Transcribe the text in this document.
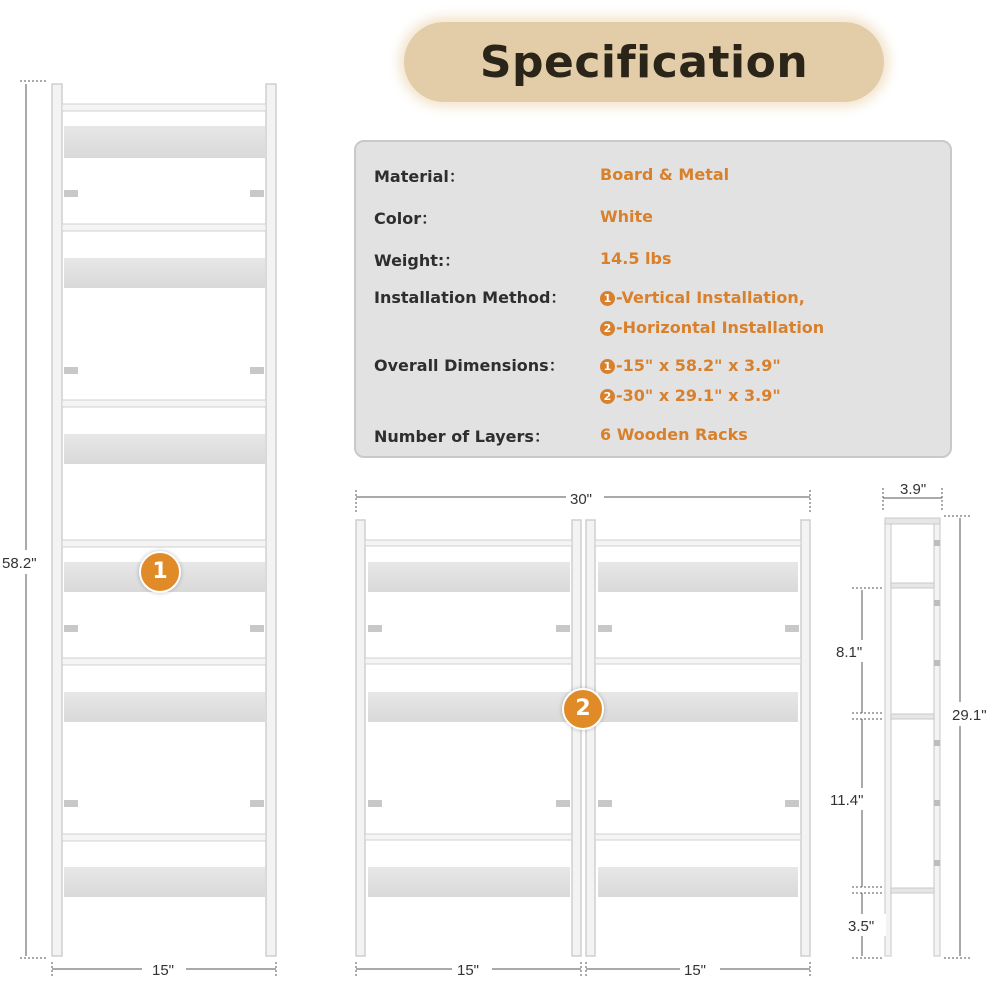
Specification
Material：	Board & Metal
Color：	White
Weight:：	14.5 lbs
Installation Method：	1 -Vertical Installation,
2 -Horizontal Installation
Overall Dimensions：	1 -15" x 58.2" x 3.9"
2 -30" x 29.1" x 3.9"
Number of Layers：	6 Wooden Racks
58.2"
15"
30"
15"	15"
3.9"
29.1"
8.1"
11.4"
3.5"
1
2
